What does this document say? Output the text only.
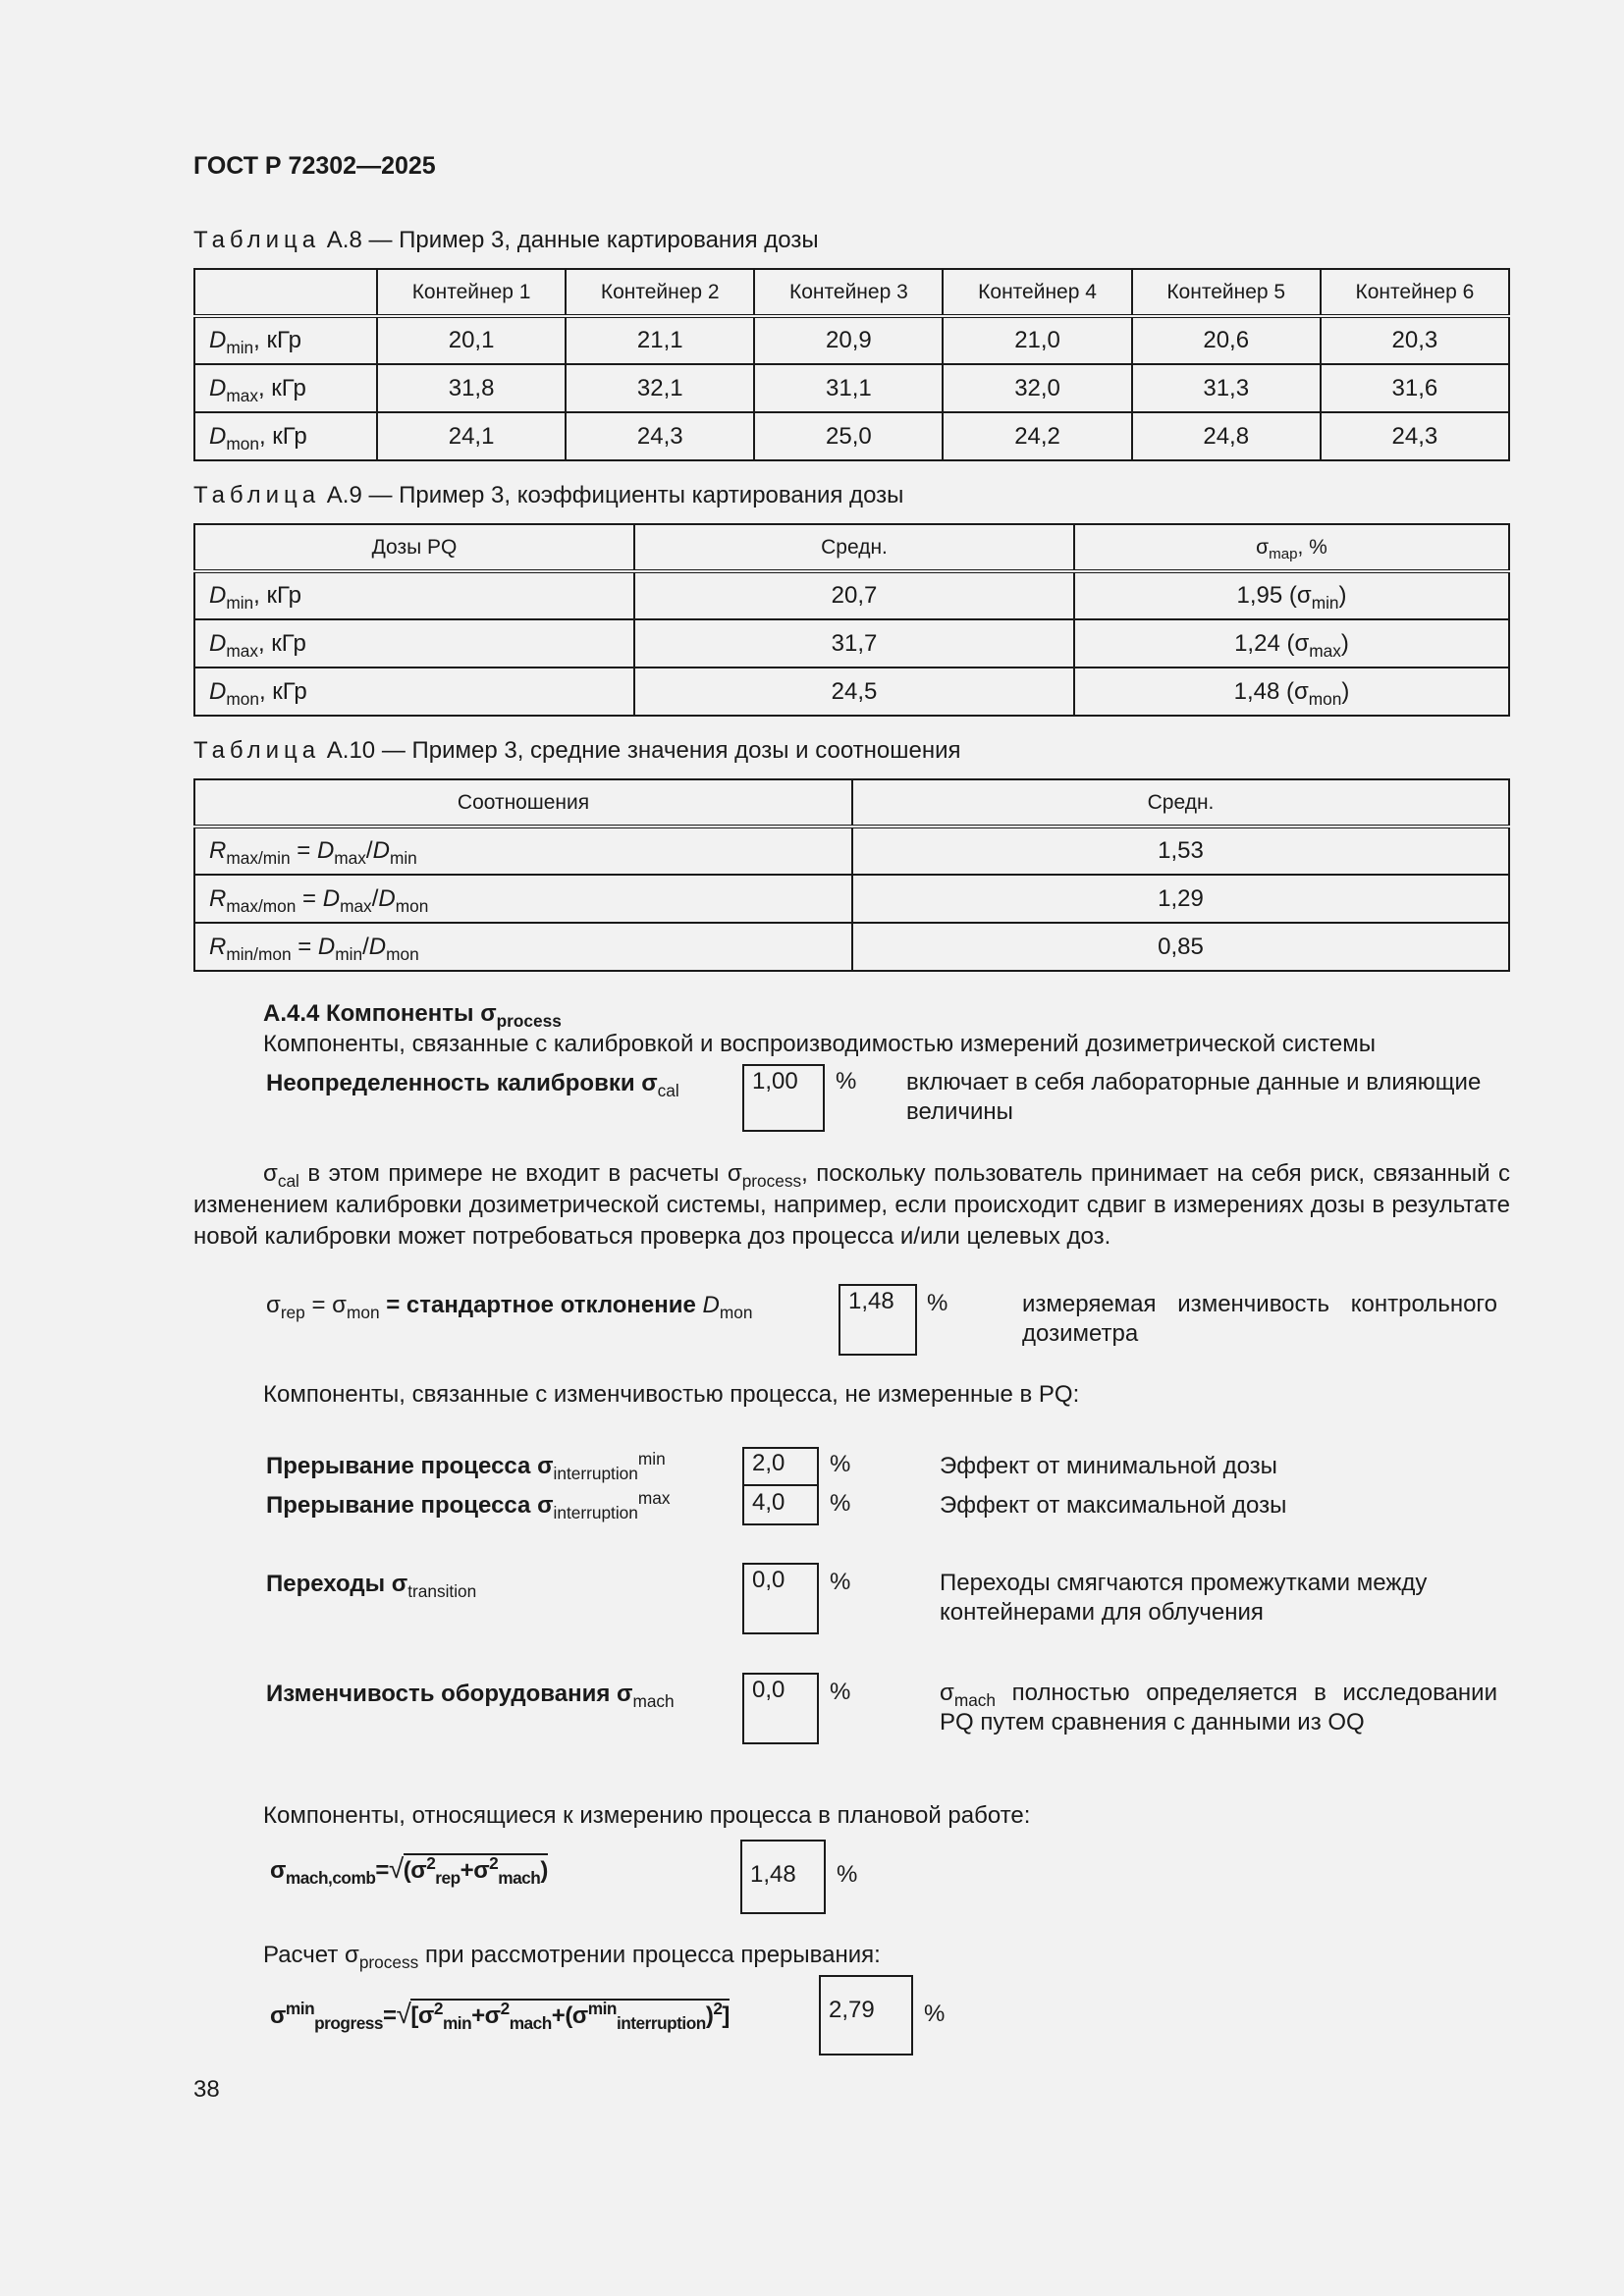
ГОСТ Р 72302—2025
Таблица А.8 — Пример 3, данные картирования дозы
	Контейнер 1	Контейнер 2	Контейнер 3	Контейнер 4	Контейнер 5	Контейнер 6
$D_{min}$, кГр	20,1	21,1	20,9	21,0	20,6	20,3
$D_{max}$, кГр	31,8	32,1	31,1	32,0	31,3	31,6
$D_{mon}$, кГр	24,1	24,3	25,0	24,2	24,8	24,3
Таблица А.9 — Пример 3, коэффициенты картирования дозы
Дозы PQ	Средн.	$\sigma_{map}$, %
$D_{min}$, кГр	20,7	1,95 $(\sigma_{min})$
$D_{max}$, кГр	31,7	1,24 $(\sigma_{max})$
$D_{mon}$, кГр	24,5	1,48 $(\sigma_{mon})$
Таблица А.10 — Пример 3, средние значения дозы и соотношения
Соотношения	Средн.
$R_{max/min} = D_{max}/D_{min}$	1,53
$R_{max/mon} = D_{max}/D_{mon}$	1,29
$R_{min/mon} = D_{min}/D_{mon}$	0,85
А.4.4 Компоненты $\sigma_{process}$
Компоненты, связанные с калибровкой и воспроизводимостью измерений дозиметрической системы
Неопределенность калибровки $\sigma_{cal}$	1,00	% включает в себя лабораторные данные и влияющие величины
$\sigma_{cal}$ в этом примере не входит в расчеты $\sigma_{process}$, поскольку пользователь принимает на себя риск, связанный с изменением калибровки дозиметрической системы, например, если происходит сдвиг в измерениях дозы в результате новой калибровки может потребоваться проверка доз процесса и/или целевых доз.
$\sigma_{rep} = \sigma_{mon}$ = стандартное отклонение $D_{mon}$	1,48	%	измеряемая изменчивость контрольного дозиметра
Компоненты, связанные с изменчивостью процесса, не измеренные в PQ:
Прерывание процесса $\sigma_{interruption}^{min}$	2,0	%	Эффект от минимальной дозы
Прерывание процесса $\sigma_{interruption}^{max}$	4,0	%	Эффект от максимальной дозы
Переходы $\sigma_{transition}$	0,0	%	Переходы смягчаются промежутками между контейнерами для облучения
Изменчивость оборудования $\sigma_{mach}$	0,0	%	$\sigma_{mach}$ полностью определяется в исследовании PQ путем сравнения с данными из OQ
Компоненты, относящиеся к измерению процесса в плановой работе:
$\sigma_{mach,comb}=√(\sigma^2_{rep}+\sigma^2_{mach})$	1,48	%
Расчет $\sigma_{process}$ при рассмотрении процесса прерывания:
$\sigma^{min}_{progress}=√[\sigma^2_{min}+\sigma^2_{mach}+(\sigma^{min}_{interruption})^2]$	2,79	%
38
